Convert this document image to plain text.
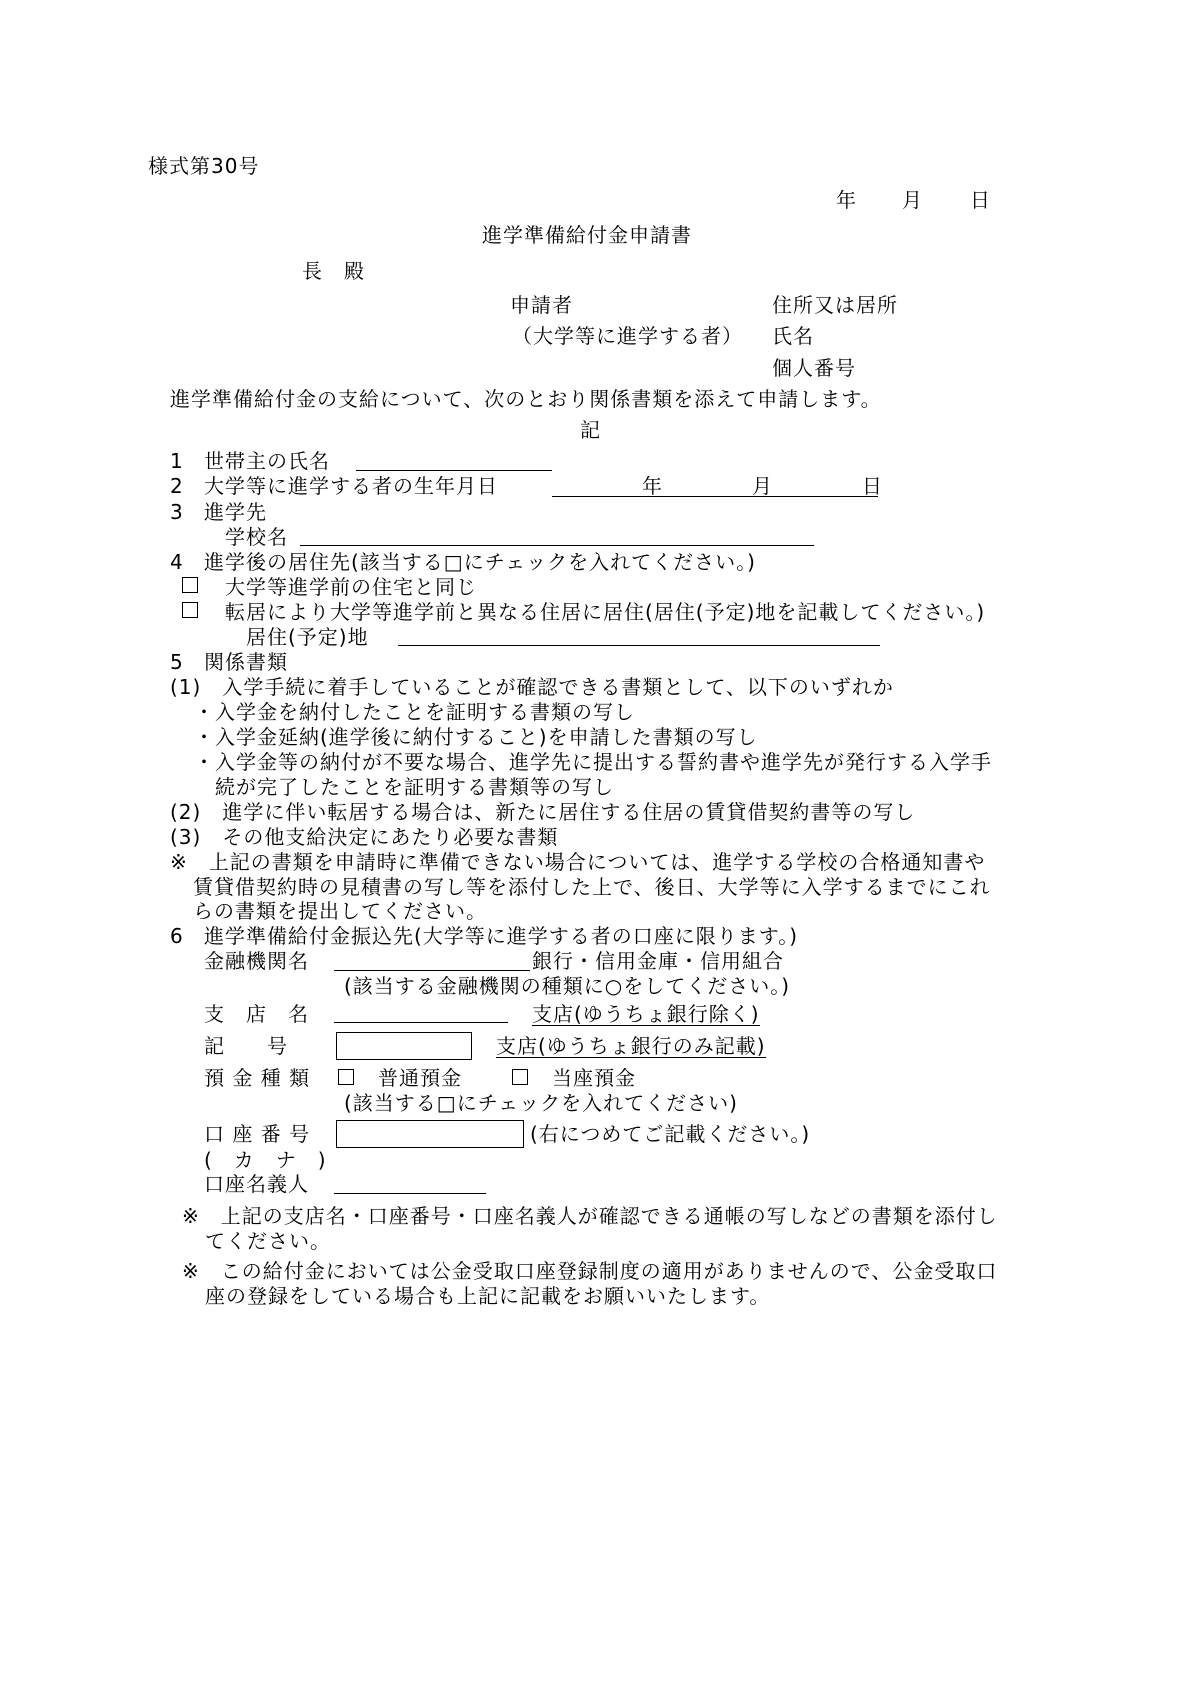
様式第30号
年 月 日
進学準備給付金申請書
長　殿
申請者	住所又は居所
（大学等に進学する者） 氏名
個人番号
進学準備給付金の支給について、次のとおり関係書類を添えて申請します。
記
1 世帯主の氏名
2 大学等に進学する者の生年月日	年	月	日
3 進学先
学校名
4 進学後の居住先(該当する□にチェックを入れてください。)
大学等進学前の住宅と同じ
転居により大学等進学前と異なる住居に居住(居住(予定)地を記載してください。)
居住(予定)地
5 関係書類
(1)　入学手続に着手していることが確認できる書類として、以下のいずれか
・入学金を納付したことを証明する書類の写し
・入学金延納(進学後に納付すること)を申請した書類の写し
・入学金等の納付が不要な場合、進学先に提出する誓約書や進学先が発行する入学手
続が完了したことを証明する書類等の写し
(2)　進学に伴い転居する場合は、新たに居住する住居の賃貸借契約書等の写し
(3)　その他支給決定にあたり必要な書類
※　上記の書類を申請時に準備できない場合については、進学する学校の合格通知書や
賃貸借契約時の見積書の写し等を添付した上で、後日、大学等に入学するまでにこれ
らの書類を提出してください。
6 進学準備給付金振込先(大学等に進学する者の口座に限ります。)
金融機関名	銀行・信用金庫・信用組合
(該当する金融機関の種類に○をしてください。)
支　店　名	支店(ゆうちょ銀行除く)
記　　号	支店(ゆうちょ銀行のみ記載)
預 金 種 類	普通預金	当座預金
(該当する□にチェックを入れてください)
口 座 番 号	(右につめてご記載ください。)
(　カ　ナ　)
口座名義人
※　上記の支店名・口座番号・口座名義人が確認できる通帳の写しなどの書類を添付し
てください。
※　この給付金においては公金受取口座登録制度の適用がありませんので、公金受取口
座の登録をしている場合も上記に記載をお願いいたします。
